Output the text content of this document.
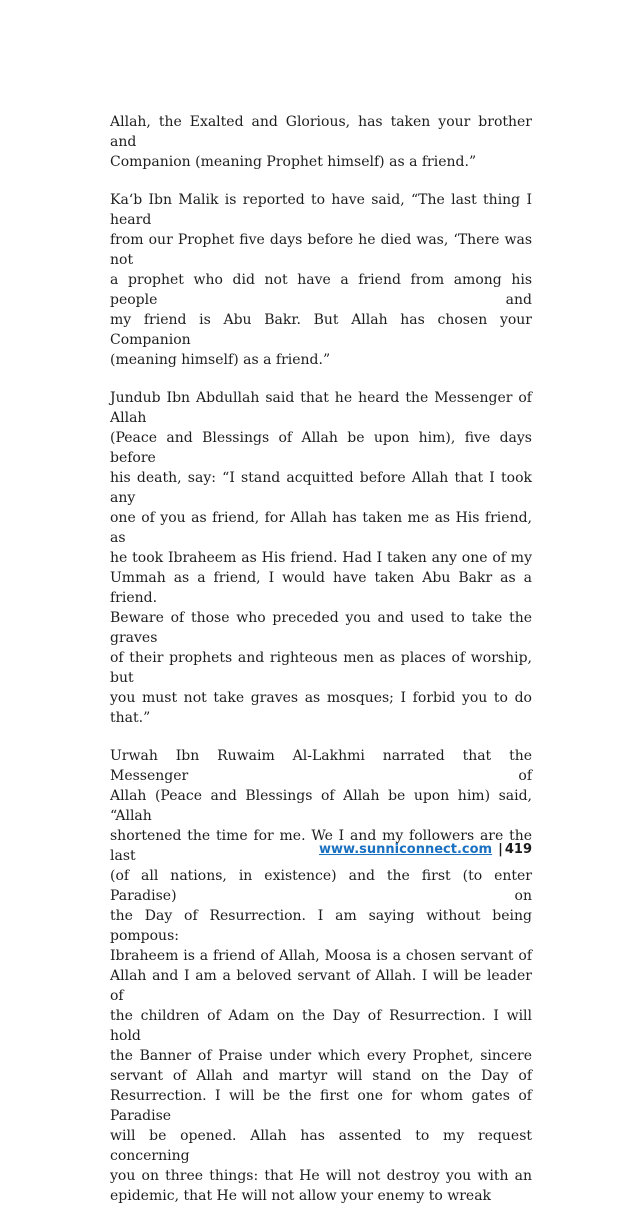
Allah, the Exalted and Glorious, has taken your brother and
Companion (meaning Prophet himself) as a friend.”

Ka‘b Ibn Malik is reported to have said, “The last thing I heard
from our Prophet five days before he died was, ‘There was not
a prophet who did not have a friend from among his people and
my friend is Abu Bakr. But Allah has chosen your Companion
(meaning himself) as a friend.”

Jundub Ibn Abdullah said that he heard the Messenger of Allah
(Peace and Blessings of Allah be upon him), five days before
his death, say: “I stand acquitted before Allah that I took any
one of you as friend, for Allah has taken me as His friend, as
he took Ibraheem as His friend. Had I taken any one of my
Ummah as a friend, I would have taken Abu Bakr as a friend.
Beware of those who preceded you and used to take the graves
of their prophets and righteous men as places of worship, but
you must not take graves as mosques; I forbid you to do that.”

Urwah Ibn Ruwaim Al-Lakhmi narrated that the Messenger of
Allah (Peace and Blessings of Allah be upon him) said, “Allah
shortened the time for me. We I and my followers are the last
(of all nations, in existence) and the first (to enter Paradise) on
the Day of Resurrection. I am saying without being pompous:
Ibraheem is a friend of Allah, Moosa is a chosen servant of
Allah and I am a beloved servant of Allah. I will be leader of
the children of Adam on the Day of Resurrection. I will hold
the Banner of Praise under which every Prophet, sincere
servant of Allah and martyr will stand on the Day of
Resurrection. I will be the first one for whom gates of Paradise
will be opened. Allah has assented to my request concerning
you on three things: that He will not destroy you with an
epidemic, that He will not allow your enemy to wreak

www.sunniconnect.com | 419
